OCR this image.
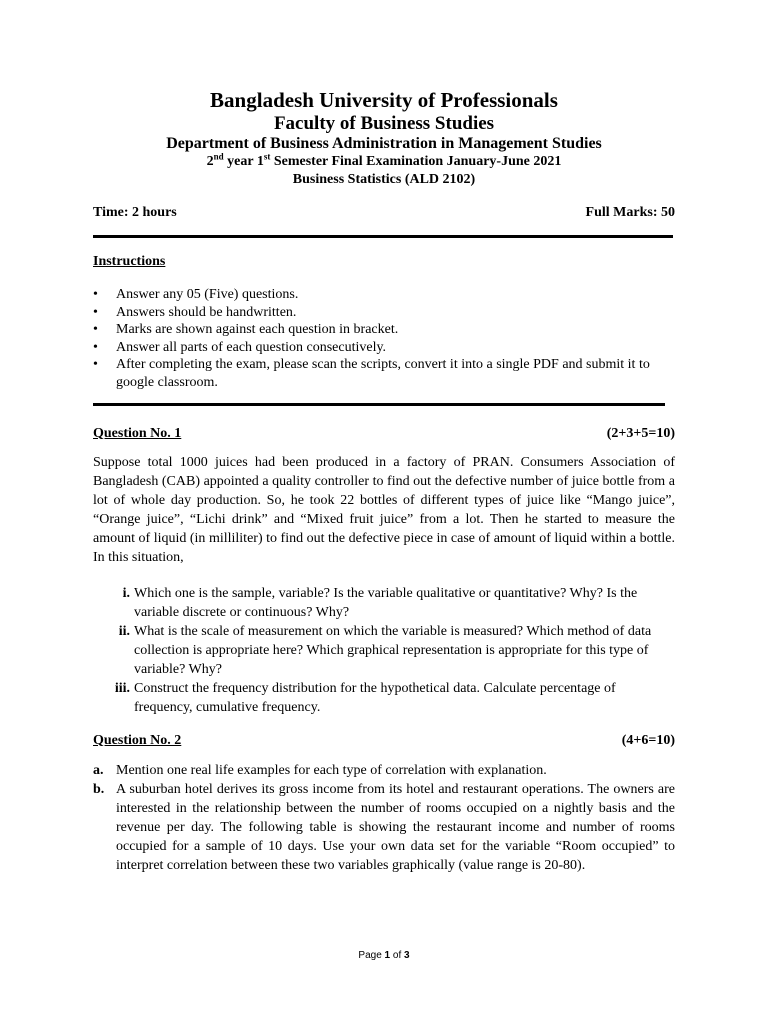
Bangladesh University of Professionals
Faculty of Business Studies
Department of Business Administration in Management Studies
2nd year 1st Semester Final Examination January-June 2021
Business Statistics (ALD 2102)
Time: 2 hours	Full Marks: 50
Instructions
• Answer any 05 (Five) questions.
• Answers should be handwritten.
• Marks are shown against each question in bracket.
• Answer all parts of each question consecutively.
• After completing the exam, please scan the scripts, convert it into a single PDF and submit it to google classroom.
Question No. 1	(2+3+5=10)
Suppose total 1000 juices had been produced in a factory of PRAN. Consumers Association of Bangladesh (CAB) appointed a quality controller to find out the defective number of juice bottle from a lot of whole day production. So, he took 22 bottles of different types of juice like “Mango juice”, “Orange juice”, “Lichi drink” and “Mixed fruit juice” from a lot. Then he started to measure the amount of liquid (in milliliter) to find out the defective piece in case of amount of liquid within a bottle. In this situation,
i. Which one is the sample, variable? Is the variable qualitative or quantitative? Why? Is the variable discrete or continuous? Why?
ii. What is the scale of measurement on which the variable is measured? Which method of data collection is appropriate here? Which graphical representation is appropriate for this type of variable? Why?
iii. Construct the frequency distribution for the hypothetical data. Calculate percentage of frequency, cumulative frequency.
Question No. 2	(4+6=10)
a. Mention one real life examples for each type of correlation with explanation.
b. A suburban hotel derives its gross income from its hotel and restaurant operations. The owners are interested in the relationship between the number of rooms occupied on a nightly basis and the revenue per day. The following table is showing the restaurant income and number of rooms occupied for a sample of 10 days. Use your own data set for the variable “Room occupied” to interpret correlation between these two variables graphically (value range is 20-80).
Page 1 of 3
